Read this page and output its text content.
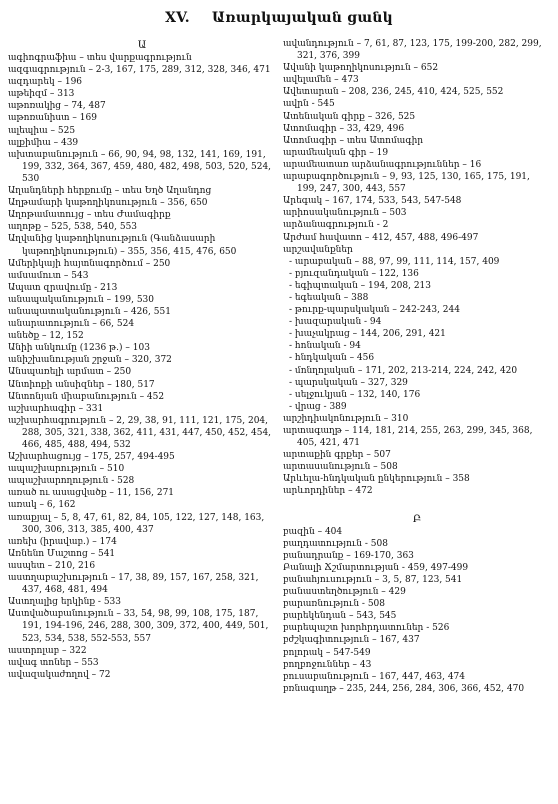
XV. Առարկայական ցանկ
Ա
ագիոգրաֆիա – տես վարքագրություն
ազգագրություն – 2-3, 167, 175, 289, 312, 328, 346, 471
ազդարեկ – 196
աթեիզմ – 313
աթոռակից – 74, 487
աթոռանիստ – 169
ալեպիա – 525
ալքիմիա – 439
ախտաբանություն – 66, 90, 94, 98, 132, 141, 169, 191, 199, 332, 364, 367, 459, 480, 482, 498, 503, 520, 524, 530
Աղանդների հերքումը – տես Եղծ Աղանդոց
Աղթամարի կաթողիկոսություն – 356, 650
Աղոթամատույց – տես Ժամագիրք
աղոթք – 525, 538, 540, 553
Աղվանից կաթողիկոսություն (Գանձասարի կաթողիկոսություն) – 355, 356, 415, 476, 650
Ամերիկայի հայտնագործում – 250
ամսամուտ – 543
Ապատ զրավումը - 213
անապականություն – 199, 530
անապատականություն – 426, 551
անարատություն – 66, 524
անեծք – 12, 152
Անիի անկումը (1236 թ.) – 103
անիշխանության շրջան – 320, 372
Անսպառելի արմատ – 250
Անտիոքի անսիզներ – 180, 517
Անտոնյան միաբանություն – 452
աշխարհագիր – 331
աշխարհագրություն – 2, 29, 38, 91, 111, 121, 175, 204, 288, 305, 321, 338, 362, 411, 431, 447, 450, 452, 454, 466, 485, 488, 494, 532
Աշխարհացույց – 175, 257, 494-495
ապաշխարություն – 510
ապաշխարողություն - 528
առած ու ասացվածք – 11, 156, 271
առակ – 6, 162
առաքյալ – 5, 8, 47, 61, 82, 84, 105, 122, 127, 148, 163, 300, 306, 313, 385, 400, 437
առեխ (իրավաբ.) – 174
Առնենո Մաշտոց – 541
ասպետ – 210, 216
աստղաբաշխություն – 17, 38, 89, 157, 167, 258, 321, 437, 468, 481, 494
Աստղալից երկինք - 533
Աստվածաբանություն – 33, 54, 98, 99, 108, 175, 187, 191, 194-196, 246, 288, 300, 309, 372, 400, 449, 501, 523, 534, 538, 552-553, 557
աստրոլաբ – 322
ավագ տոներ – 553
ավազակաժողով – 72
ավանդություն – 7, 61, 87, 123, 175, 199-200, 282, 299, 321, 376, 399
Ավանի կաթողիկոսություն – 652
ավելամեն – 473
Ավետարան – 208, 236, 245, 410, 424, 525, 552
ավրն - 545
Ատենական գիրք – 326, 525
Ատոմագիր – 33, 429, 496
Ատոմագիր – տես Ատոմագիր
արամեական գիր – 19
արամեատառ արձանագրություններ – 16
արաբագործություն – 9, 93, 125, 130, 165, 175, 191, 199, 247, 300, 443, 557
Արեգակ – 167, 174, 533, 543, 547-548
արիոսականություն – 503
արձանագրություն - 2
Արժամ հավատո – 412, 457, 488, 496-497
արշավանքներ
- արաբական – 88, 97, 99, 111, 114, 157, 409
- բյուզանդական – 122, 136
- եգիպտական – 194, 208, 213
- եգեական – 388
- թուրք-պարսկական – 242-243, 244
- խազարական - 94
- խաչակրաց – 144, 206, 291, 421
- հոնական - 94
- հնդկական – 456
- մոնղոլական – 171, 202, 213-214, 224, 242, 420
- պարսկական – 327, 329
- սելջուկյան – 132, 140, 176
- վրաց - 389
արշիդիակոնություն – 310
արտագաղթ – 114, 181, 214, 255, 263, 299, 345, 368, 405, 421, 471
արտաքին գրքեր – 507
արտասանություն – 508
Արևելա-հնդկական ընկերություն – 358
արևորդիներ – 472
Բ
բազին – 404
բաղդատություն - 508
բանադրանք – 169-170, 363
Բանալի Ճշմարտության - 459, 497-499
բանահյուսություն – 3, 5, 87, 123, 541
բանաստեղծություն – 429
բարառնություն - 508
բարեկենդան – 543, 545
բարեպաշտ խորհրդատուներ - 526
բժշկագիտություն – 167, 437
բոլորակ – 547-549
բողբոջուններ – 43
բուսաբանություն – 167, 447, 463, 474
բռնագաղթ – 235, 244, 256, 284, 306, 366, 452, 470
